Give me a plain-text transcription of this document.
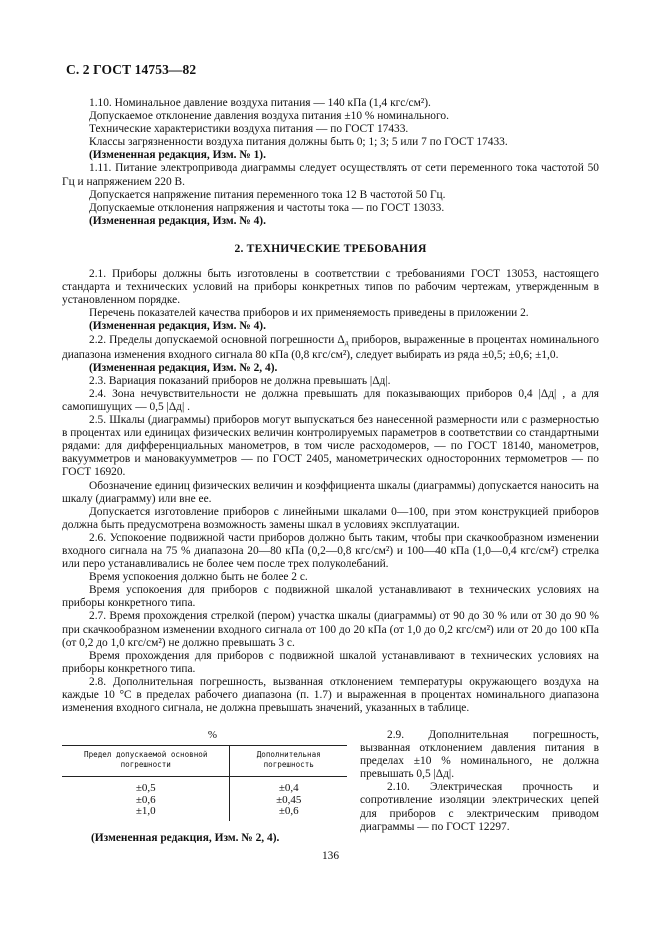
С. 2 ГОСТ 14753—82

1.10. Номинальное давление воздуха питания — 140 кПа (1,4 кгс/см²).

Допускаемое отклонение давления воздуха питания ±10 % номинального.

Технические характеристики воздуха питания — по ГОСТ 17433.

Классы загрязненности воздуха питания должны быть 0; 1; 3; 5 или 7 по ГОСТ 17433.

(Измененная редакция, Изм. № 1).

1.11. Питание электропривода диаграммы следует осуществлять от сети переменного тока частотой 50 Гц и напряжением 220 В.

Допускается напряжение питания переменного тока 12 В частотой 50 Гц.

Допускаемые отклонения напряжения и частоты тока — по ГОСТ 13033.

(Измененная редакция, Изм. № 4).

2. ТЕХНИЧЕСКИЕ ТРЕБОВАНИЯ

2.1. Приборы должны быть изготовлены в соответствии с требованиями ГОСТ 13053, настоящего стандарта и технических условий на приборы конкретных типов по рабочим чертежам, утвержденным в установленном порядке.

Перечень показателей качества приборов и их применяемость приведены в приложении 2.

(Измененная редакция, Изм. № 4).

2.2. Пределы допускаемой основной погрешности $\Delta_д$ приборов, выраженные в процентах номинального диапазона изменения входного сигнала 80 кПа (0,8 кгс/см²), следует выбирать из ряда ±0,5; ±0,6; ±1,0.

(Измененная редакция, Изм. № 2, 4).

2.3. Вариация показаний приборов не должна превышать |Δд|.

2.4. Зона нечувствительности не должна превышать для показывающих приборов 0,4 |Δд| , а для самопишущих — 0,5 |Δд| .

2.5. Шкалы (диаграммы) приборов могут выпускаться без нанесенной размерности или с размерностью в процентах или единицах физических величин контролируемых параметров в соответствии со стандартными рядами: для дифференциальных манометров, в том числе расходомеров, — по ГОСТ 18140, манометров, вакуумметров и мановакуумметров — по ГОСТ 2405, манометрических односторонних термометров — по ГОСТ 16920.

Обозначение единиц физических величин и коэффициента шкалы (диаграммы) допускается наносить на шкалу (диаграмму) или вне ее.

Допускается изготовление приборов с линейными шкалами 0—100, при этом конструкцией приборов должна быть предусмотрена возможность замены шкал в условиях эксплуатации.

2.6. Успокоение подвижной части приборов должно быть таким, чтобы при скачкообразном изменении входного сигнала на 75 % диапазона 20—80 кПа (0,2—0,8 кгс/см²) и 100—40 кПа (1,0—0,4 кгс/см²) стрелка или перо устанавливались не более чем после трех полуколебаний.

Время успокоения должно быть не более 2 с.

Время успокоения для приборов с подвижной шкалой устанавливают в технических условиях на приборы конкретного типа.

2.7. Время прохождения стрелкой (пером) участка шкалы (диаграммы) от 90 до 30 % или от 30 до 90 % при скачкообразном изменении входного сигнала от 100 до 20 кПа (от 1,0 до 0,2 кгс/см²) или от 20 до 100 кПа (от 0,2 до 1,0 кгс/см²) не должно превышать 3 с.

Время прохождения для приборов с подвижной шкалой устанавливают в технических условиях на приборы конкретного типа.

2.8. Дополнительная погрешность, вызванная отклонением температуры окружающего воздуха на каждые 10 °С в пределах рабочего диапазона (п. 1.7) и выраженная в процентах номинального диапазона изменения входного сигнала, не должна превышать значений, указанных в таблице.

%
Предел допускаемой основной погрешности	Дополнительная погрешность
±0,5	±0,4
±0,6	±0,45
±1,0	±0,6
(Измененная редакция, Изм. № 2, 4).

2.9. Дополнительная погрешность, вызванная отклонением давления питания в пределах ±10 % номинального, не должна превышать 0,5 |Δд|.

2.10. Электрическая прочность и сопротивление изоляции электрических цепей для приборов с электрическим приводом диаграммы — по ГОСТ 12297.

136
